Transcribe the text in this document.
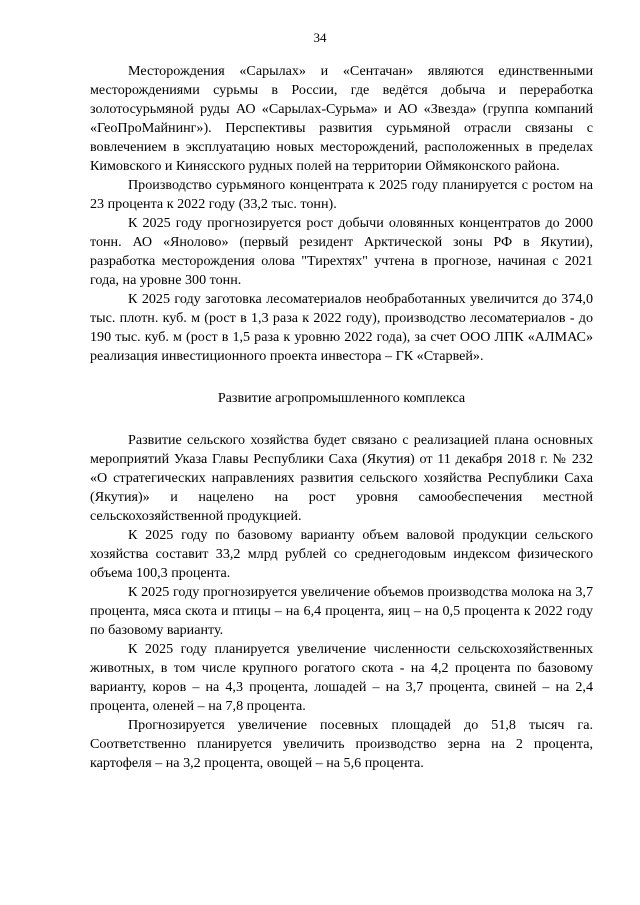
34

Месторождения «Сарылах» и «Сентачан» являются единственными месторождениями сурьмы в России, где ведётся добыча и переработка золотосурьмяной руды АО «Сарылах-Сурьма» и АО «Звезда» (группа компаний «ГеоПроМайнинг»). Перспективы развития сурьмяной отрасли связаны с вовлечением в эксплуатацию новых месторождений, расположенных в пределах Кимовского и Киняcского рудных полей на территории Оймяконского района.

Производство сурьмяного концентрата к 2025 году планируется с ростом на 23 процента к 2022 году (33,2 тыс. тонн).

К 2025 году прогнозируется рост добычи оловянных концентратов до 2000 тонн. АО «Янолово» (первый резидент Арктической зоны РФ в Якутии), разработка месторождения олова "Тирехтях" учтена в прогнозе, начиная с 2021 года, на уровне 300 тонн.

К 2025 году заготовка лесоматериалов необработанных увеличится до 374,0 тыс. плотн. куб. м (рост в 1,3 раза к 2022 году), производство лесоматериалов - до 190 тыс. куб. м (рост в 1,5 раза к уровню 2022 года), за счет ООО ЛПК «АЛМАС» реализация инвестиционного проекта инвестора – ГК «Старвей».

Развитие агропромышленного комплекса

Развитие сельского хозяйства будет связано с реализацией плана основных мероприятий Указа Главы Республики Саха (Якутия) от 11 декабря 2018 г. № 232 «О стратегических направлениях развития сельского хозяйства Республики Саха (Якутия)» и нацелено на рост уровня самообеспечения местной сельскохозяйственной продукцией.

К 2025 году по базовому варианту объем валовой продукции сельского хозяйства составит 33,2 млрд рублей со среднегодовым индексом физического объема 100,3 процента.

К 2025 году прогнозируется увеличение объемов производства молока на 3,7 процента, мяса скота и птицы – на 6,4 процента, яиц – на 0,5 процента к 2022 году по базовому варианту.

К 2025 году планируется увеличение численности сельскохозяйственных животных, в том числе крупного рогатого скота - на 4,2 процента по базовому варианту, коров – на 4,3 процента, лошадей – на 3,7 процента, свиней – на 2,4 процента, оленей – на 7,8 процента.

Прогнозируется увеличение посевных площадей до 51,8 тысяч га. Соответственно планируется увеличить производство зерна на 2 процента, картофеля – на 3,2 процента, овощей – на 5,6 процента.
